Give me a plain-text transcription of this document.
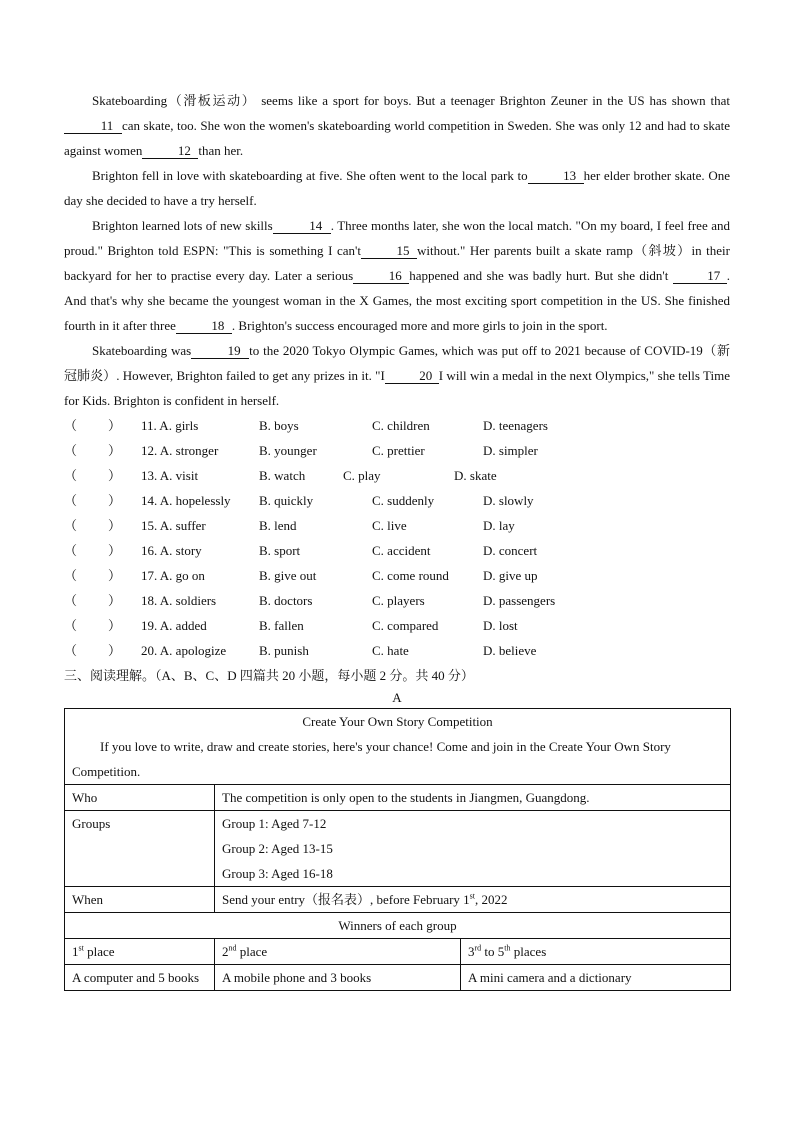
Skateboarding（滑板运动） seems like a sport for boys. But a teenager Brighton Zeuner in the US has shown that11 can skate, too. She won the women's skateboarding world competition in Sweden. She was only 12 and had to skate against women	12 than her.

Brighton fell in love with skateboarding at five. She often went to the local park to	13 her elder brother skate. One day she decided to have a try herself.

Brighton learned lots of new skills	14 . Three months later, she won the local match. "On my board, I feel free and proud." Brighton told ESPN: "This is something I can't	15 without." Her parents built a skate ramp（斜坡）in their backyard for her to practise every day. Later a serious	16 happened and she was badly hurt. But she didn't	17 . And that's why she became the youngest woman in the X Games, the most exciting sport competition in the US. She finished fourth in it after three	18 . Brighton's success encouraged more and more girls to join in the sport.

Skateboarding was	19 to the 2020 Tokyo Olympic Games, which was put off to 2021 because of COVID-19（新冠肺炎）. However, Brighton failed to get any prizes in it. "I	20 I will win a medal in the next Olympics," she tells Time for Kids. Brighton is confident in herself.

（	） 11. A. girls	B. boys	C. children	D. teenagers
（	） 12. A. stronger	B. younger	C. prettier	D. simpler
（	） 13. A. visit	B. watch	C. play	D. skate
（	） 14. A. hopelessly	B. quickly	C. suddenly	D. slowly
（	） 15. A. suffer	B. lend	C. live	D. lay
（	） 16. A. story	B. sport	C. accident	D. concert
（	） 17. A. go on	B. give out	C. come round	D. give up
（	） 18. A. soldiers	B. doctors	C. players	D. passengers
（	） 19. A. added	B. fallen	C. compared	D. lost
（	） 20. A. apologize	B. punish	C. hate	D. believe
三、阅读理解。（A、B、C、D 四篇共 20 小题，每小题 2 分。共 40 分）
A
Create Your Own Story Competition
If you love to write, draw and create stories, here's your chance! Come and join in the Create Your Own Story Competition.		

Who	The competition is only open to the students in Jiangmen, Guangdong.	
Groups	Group 1: Aged 7-12
Group 2: Aged 13-15
Group 3: Aged 16-18	

When	Send your entry（报名表）, before February 1st, 2022	
Winners of each group		
1st place	2nd place	3rd to 5th places
A computer and 5 books	A mobile phone and 3 books	A mini camera and a dictionary
